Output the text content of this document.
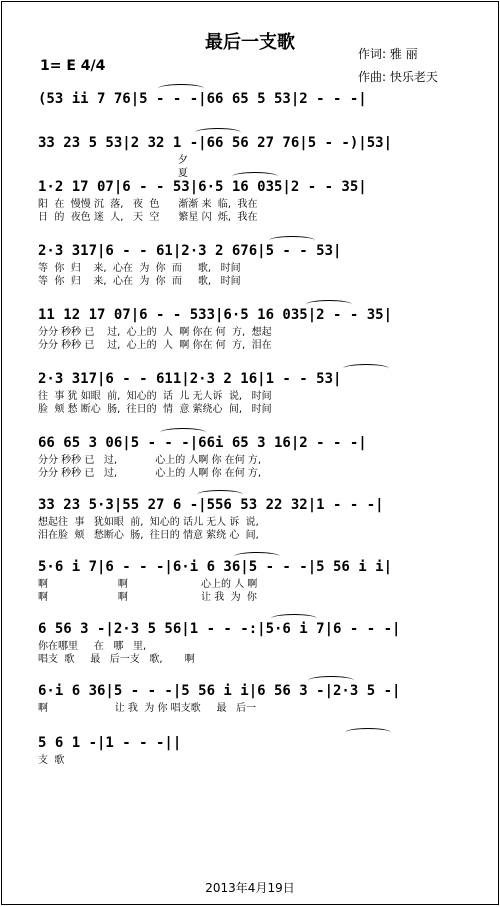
最后一支歌
作词: 雅 丽
作曲: 快乐老天
1= E 4/4
(53 ii 7 76|5 - - -|66 65 5 53|2 - - -|
33 23 5 53|2 32 1 -|66 56 27 76|5 - -)|53|
夕
夏
1·2 17 07|6 - - 53|6·5 16 035|2 - - 35|
阳  在  慢慢 沉  落,   夜  色      渐渐 来  临,  我在
日  的  夜色 迷  人,   天  空      繁星 闪  烁,  我在
2·3 317|6 - - 61|2·3 2 676|5 - - 53|
等  你  归    来,  心在  为  你  而     歌,   时间
等  你  归    来,  心在  为  你  而     歌,   时间
11 12 17 07|6 - - 533|6·5 16 035|2 - - 35|
分分 秒秒 已    过,  心上的  人  啊 你在 何  方,  想起
分分 秒秒 已    过,  心上的  人  啊 你在 何  方,  泪在
2·3 317|6 - - 611|2·3 2 16|1 - - 53|
往  事 犹 如眼  前,  知心的  话  儿 无人诉  说,   时间
脸  颊 愁 断心  肠,  往日的  情  意 萦绕心  间,   时间
66 65 3 06|5 - - -|66i 65 3 16|2 - - -|
分分 秒秒 已   过,            心上的 人啊 你 在何 方,
分分 秒秒 已   过,            心上的 人啊 你 在何 方,
33 23 5·3|55 27 6 -|556 53 22 32|1 - - -|
想起往  事   犹如眼  前,  知心的 话儿 无人 诉  说,
泪在脸  颊   愁断心  肠,  往日的 情意 萦绕 心  间,
5·6 i 7|6 - - -|6·i 6 36|5 - - -|5 56 i i|
啊                      啊                       心上的 人 啊
啊                      啊                       让 我  为  你
6 56 3 -|2·3 5 56|1 - - -:|5·6 i 7|6 - - -|
你在哪里     在   哪   里,
唱支  歌     最   后一支   歌,       啊
6·i 6 36|5 - - -|5 56 i i|6 56 3 -|2·3 5 -|
啊                     让 我  为 你 唱支歌     最   后一
5 6 1 -|1 - - -||
支  歌
2013年4月19日
